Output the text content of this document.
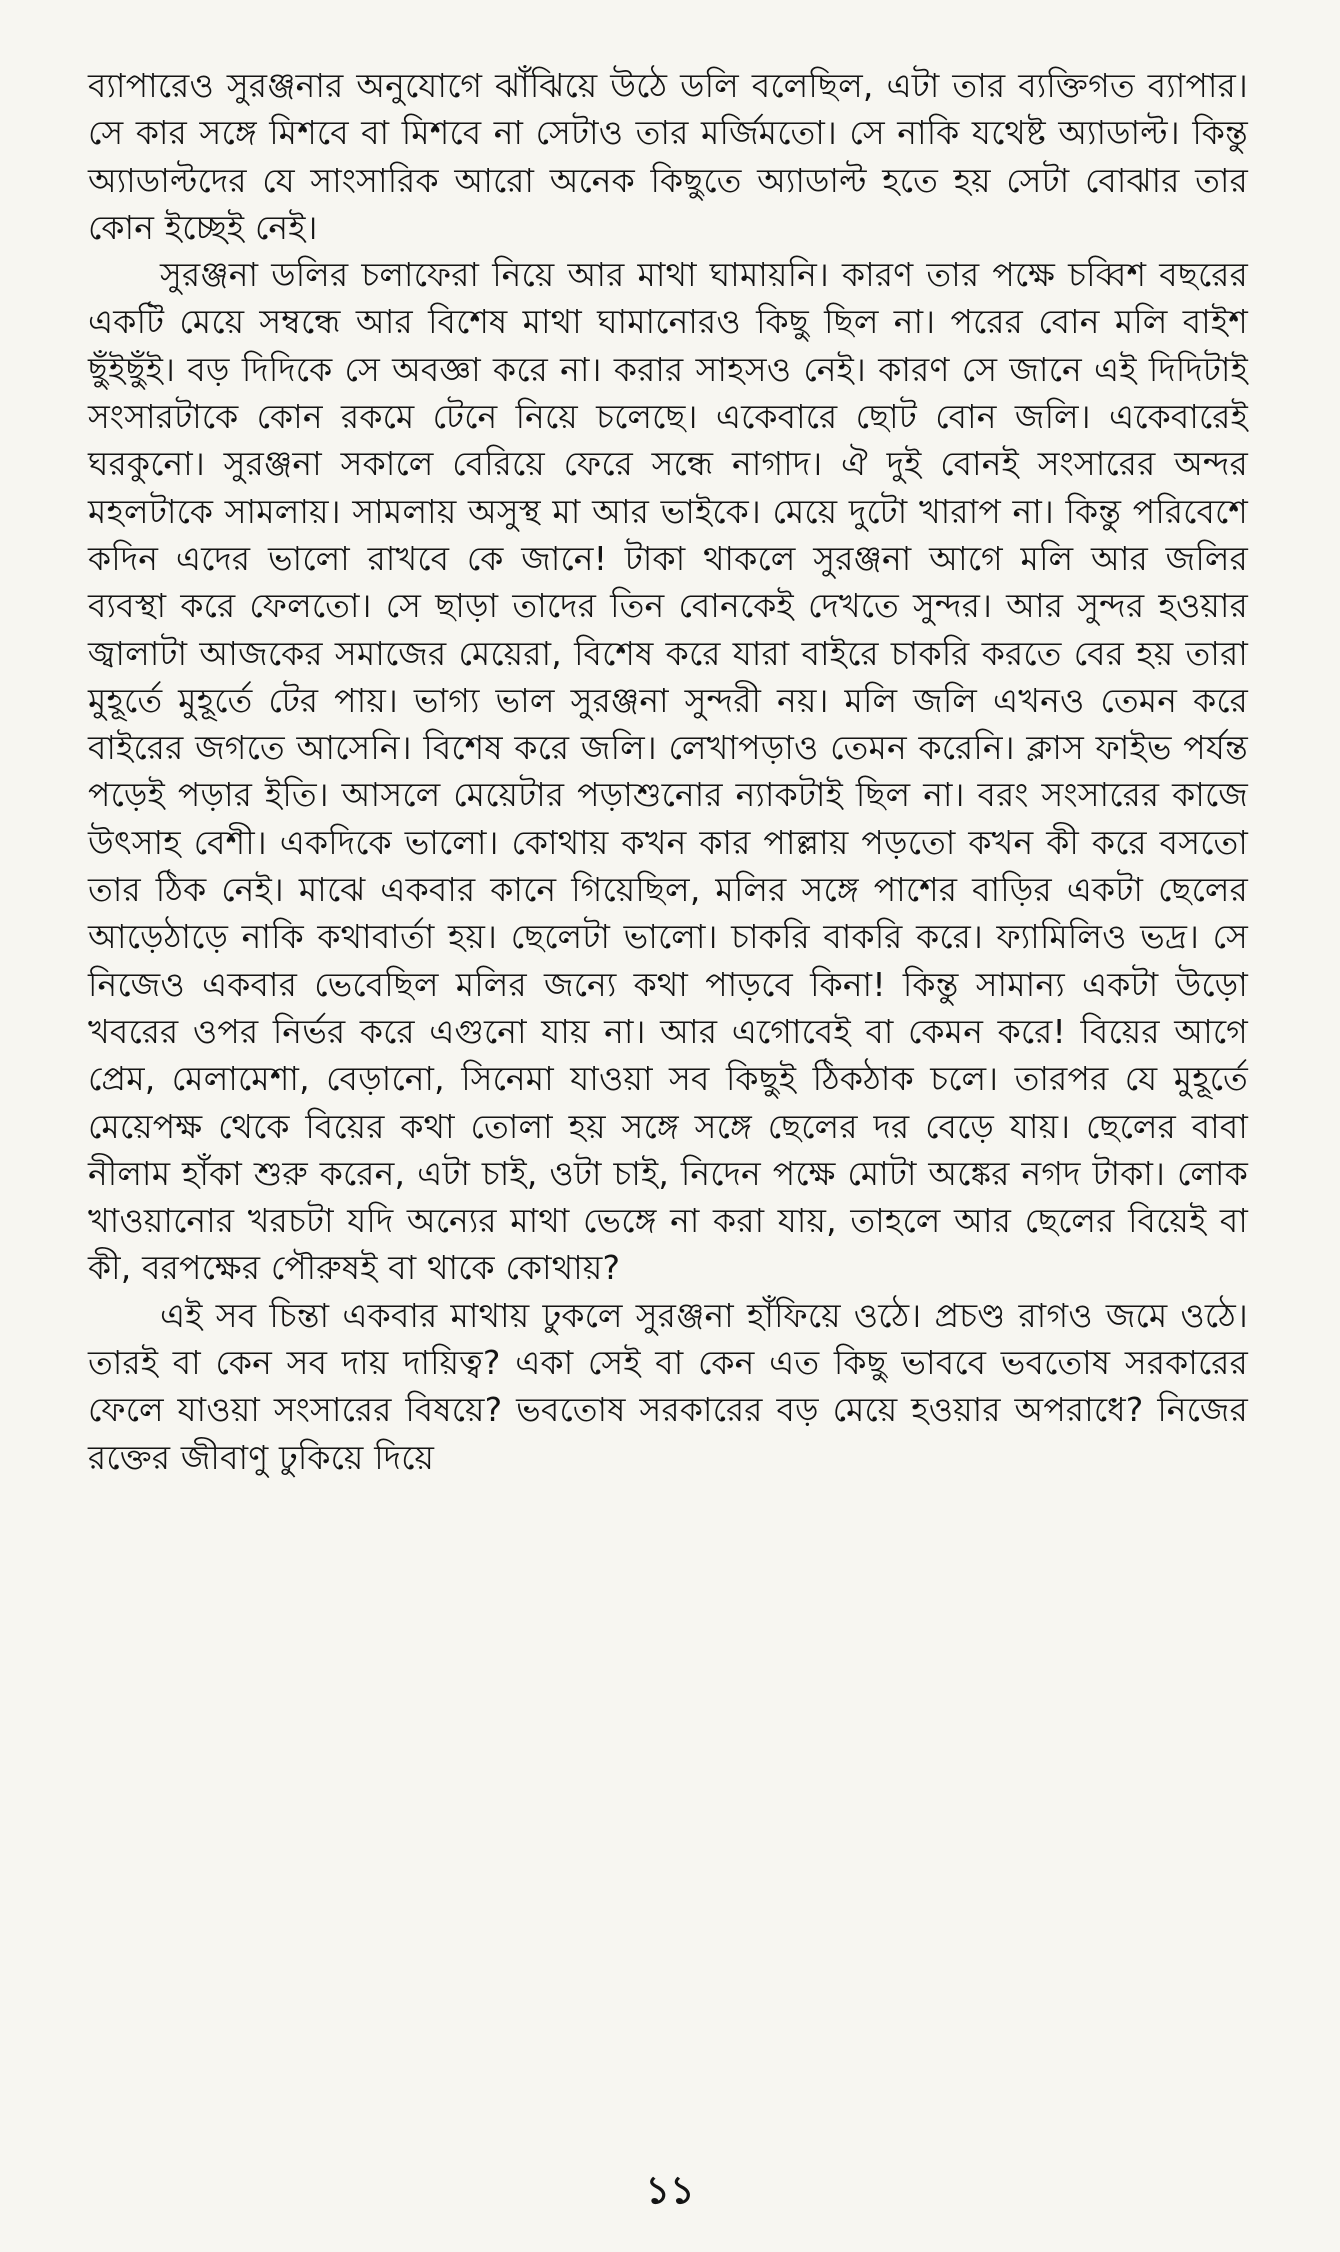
ব্যাপারেও সুরঞ্জনার অনুযোগে ঝাঁঝিয়ে উঠে ডলি বলেছিল, এটা তার ব্যক্তিগত ব্যাপার। সে কার সঙ্গে মিশবে বা মিশবে না সেটাও তার মর্জিমতো। সে নাকি যথেষ্ট অ্যাডাল্ট। কিন্তু অ্যাডাল্টদের যে সাংসারিক আরো অনেক কিছুতে অ্যাডাল্ট হতে হয় সেটা বোঝার তার কোন ইচ্ছেই নেই।

সুরঞ্জনা ডলির চলাফেরা নিয়ে আর মাথা ঘামায়নি। কারণ তার পক্ষে চব্বিশ বছরের একটি মেয়ে সম্বন্ধে আর বিশেষ মাথা ঘামানোরও কিছু ছিল না। পরের বোন মলি বাইশ ছুঁইছুঁই। বড় দিদিকে সে অবজ্ঞা করে না। করার সাহসও নেই। কারণ সে জানে এই দিদিটাই সংসারটাকে কোন রকমে টেনে নিয়ে চলেছে। একেবারে ছোট বোন জলি। একেবারেই ঘরকুনো। সুরঞ্জনা সকালে বেরিয়ে ফেরে সন্ধে নাগাদ। ঐ দুই বোনই সংসারের অন্দর মহলটাকে সামলায়। সামলায় অসুস্থ মা আর ভাইকে। মেয়ে দুটো খারাপ না। কিন্তু পরিবেশে কদিন এদের ভালো রাখবে কে জানে! টাকা থাকলে সুরঞ্জনা আগে মলি আর জলির ব্যবস্থা করে ফেলতো। সে ছাড়া তাদের তিন বোনকেই দেখতে সুন্দর। আর সুন্দর হওয়ার জ্বালাটা আজকের সমাজের মেয়েরা, বিশেষ করে যারা বাইরে চাকরি করতে বের হয় তারা মুহূর্তে মুহূর্তে টের পায়। ভাগ্য ভাল সুরঞ্জনা সুন্দরী নয়। মলি জলি এখনও তেমন করে বাইরের জগতে আসেনি। বিশেষ করে জলি। লেখাপড়াও তেমন করেনি। ক্লাস ফাইভ পর্যন্ত পড়েই পড়ার ইতি। আসলে মেয়েটার পড়াশুনোর ন্যাকটাই ছিল না। বরং সংসারের কাজে উৎসাহ বেশী। একদিকে ভালো। কোথায় কখন কার পাল্লায় পড়তো কখন কী করে বসতো তার ঠিক নেই। মাঝে একবার কানে গিয়েছিল, মলির সঙ্গে পাশের বাড়ির একটা ছেলের আড়েঠাড়ে নাকি কথাবার্তা হয়। ছেলেটা ভালো। চাকরি বাকরি করে। ফ্যামিলিও ভদ্র। সে নিজেও একবার ভেবেছিল মলির জন্যে কথা পাড়বে কিনা! কিন্তু সামান্য একটা উড়ো খবরের ওপর নির্ভর করে এগুনো যায় না। আর এগোবেই বা কেমন করে! বিয়ের আগে প্রেম, মেলামেশা, বেড়ানো, সিনেমা যাওয়া সব কিছুই ঠিকঠাক চলে। তারপর যে মুহূর্তে মেয়েপক্ষ থেকে বিয়ের কথা তোলা হয় সঙ্গে সঙ্গে ছেলের দর বেড়ে যায়। ছেলের বাবা নীলাম হাঁকা শুরু করেন, এটা চাই, ওটা চাই, নিদেন পক্ষে মোটা অঙ্কের নগদ টাকা। লোক খাওয়ানোর খরচটা যদি অন্যের মাথা ভেঙ্গে না করা যায়, তাহলে আর ছেলের বিয়েই বা কী, বরপক্ষের পৌরুষই বা থাকে কোথায়?

এই সব চিন্তা একবার মাথায় ঢুকলে সুরঞ্জনা হাঁফিয়ে ওঠে। প্রচণ্ড রাগও জমে ওঠে। তারই বা কেন সব দায় দায়িত্ব? একা সেই বা কেন এত কিছু ভাববে ভবতোষ সরকারের ফেলে যাওয়া সংসারের বিষয়ে? ভবতোষ সরকারের বড় মেয়ে হওয়ার অপরাধে? নিজের রক্তের জীবাণু ঢুকিয়ে দিয়ে

১১
